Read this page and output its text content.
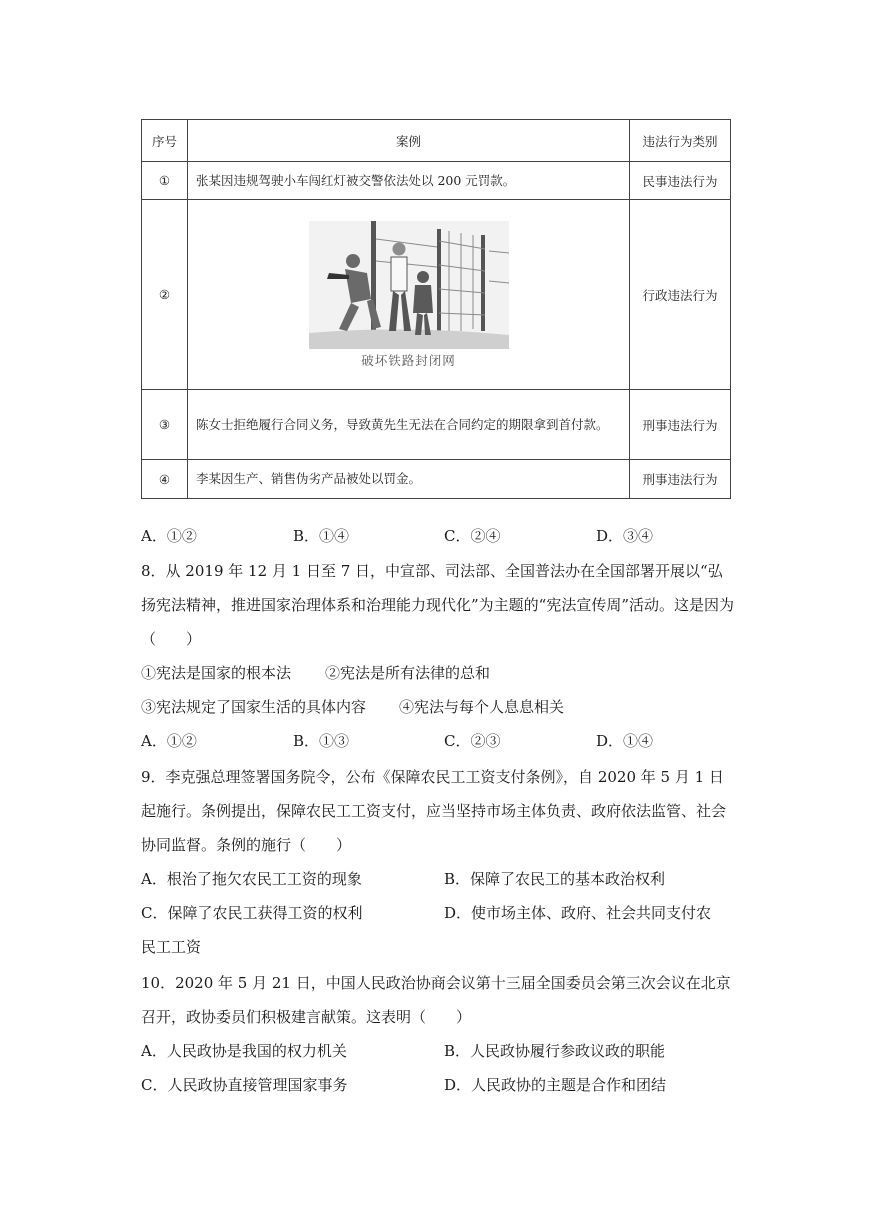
序号	案例	违法行为类别
①	张某因违规驾驶小车闯红灯被交警依法处以 200 元罚款。	民事违法行为
②	破坏铁路封闭网	行政违法行为
③	陈女士拒绝履行合同义务，导致黄先生无法在合同约定的期限拿到首付款。	刑事违法行为
④	李某因生产、销售伪劣产品被处以罚金。	刑事违法行为
A．①②	B．①④	C．②④	D．③④
8．从 2019 年 12 月 1 日至 7 日，中宣部、司法部、全国普法办在全国部署开展以“弘扬宪法精神，推进国家治理体系和治理能力现代化”为主题的“宪法宣传周”活动。这是因为（　　）
①宪法是国家的根本法 ②宪法是所有法律的总和
③宪法规定了国家生活的具体内容 ④宪法与每个人息息相关
A．①②	B．①③	C．②③	D．①④
9．李克强总理签署国务院令，公布《保障农民工工资支付条例》，自 2020 年 5 月 1 日起施行。条例提出，保障农民工工资支付，应当坚持市场主体负责、政府依法监管、社会协同监督。条例的施行（　　）
A．根治了拖欠农民工工资的现象	B．保障了农民工的基本政治权利
C．保障了农民工获得工资的权利	D．使市场主体、政府、社会共同支付农
民工工资
10．2020 年 5 月 21 日，中国人民政治协商会议第十三届全国委员会第三次会议在北京召开，政协委员们积极建言献策。这表明（　　）
A．人民政协是我国的权力机关	B．人民政协履行参政议政的职能
C．人民政协直接管理国家事务	D．人民政协的主题是合作和团结
